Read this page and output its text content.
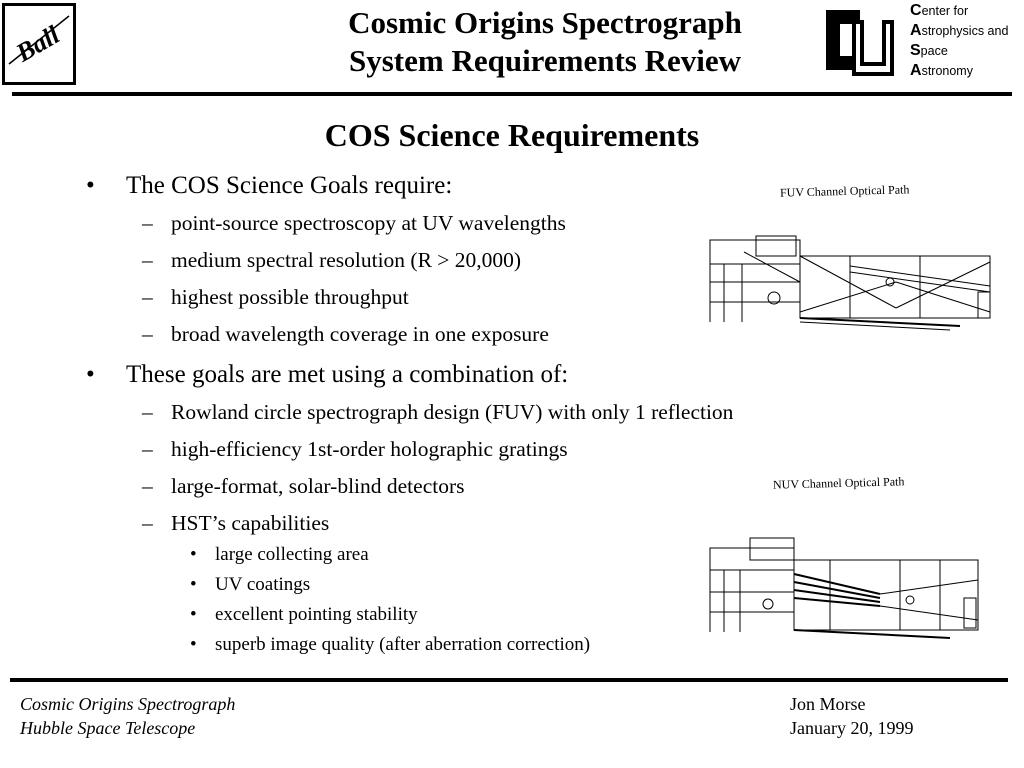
Ball	Cosmic Origins Spectrograph
System Requirements Review
CU
Center for
Astrophysics and
Space
Astronomy
COS Science Requirements
• The COS Science Goals require:
– point-source spectroscopy at UV wavelengths
– medium spectral resolution (R > 20,000)
– highest possible throughput
– broad wavelength coverage in one exposure
• These goals are met using a combination of:
– Rowland circle spectrograph design (FUV) with only 1 reflection
– high-efficiency 1st-order holographic gratings
– large-format, solar-blind detectors
– HST’s capabilities
• large collecting area
• UV coatings
• excellent pointing stability
• superb image quality (after aberration correction)
FUV Channel Optical Path
NUV Channel Optical Path
Cosmic Origins Spectrograph
Hubble Space Telescope
Jon Morse
January 20, 1999
